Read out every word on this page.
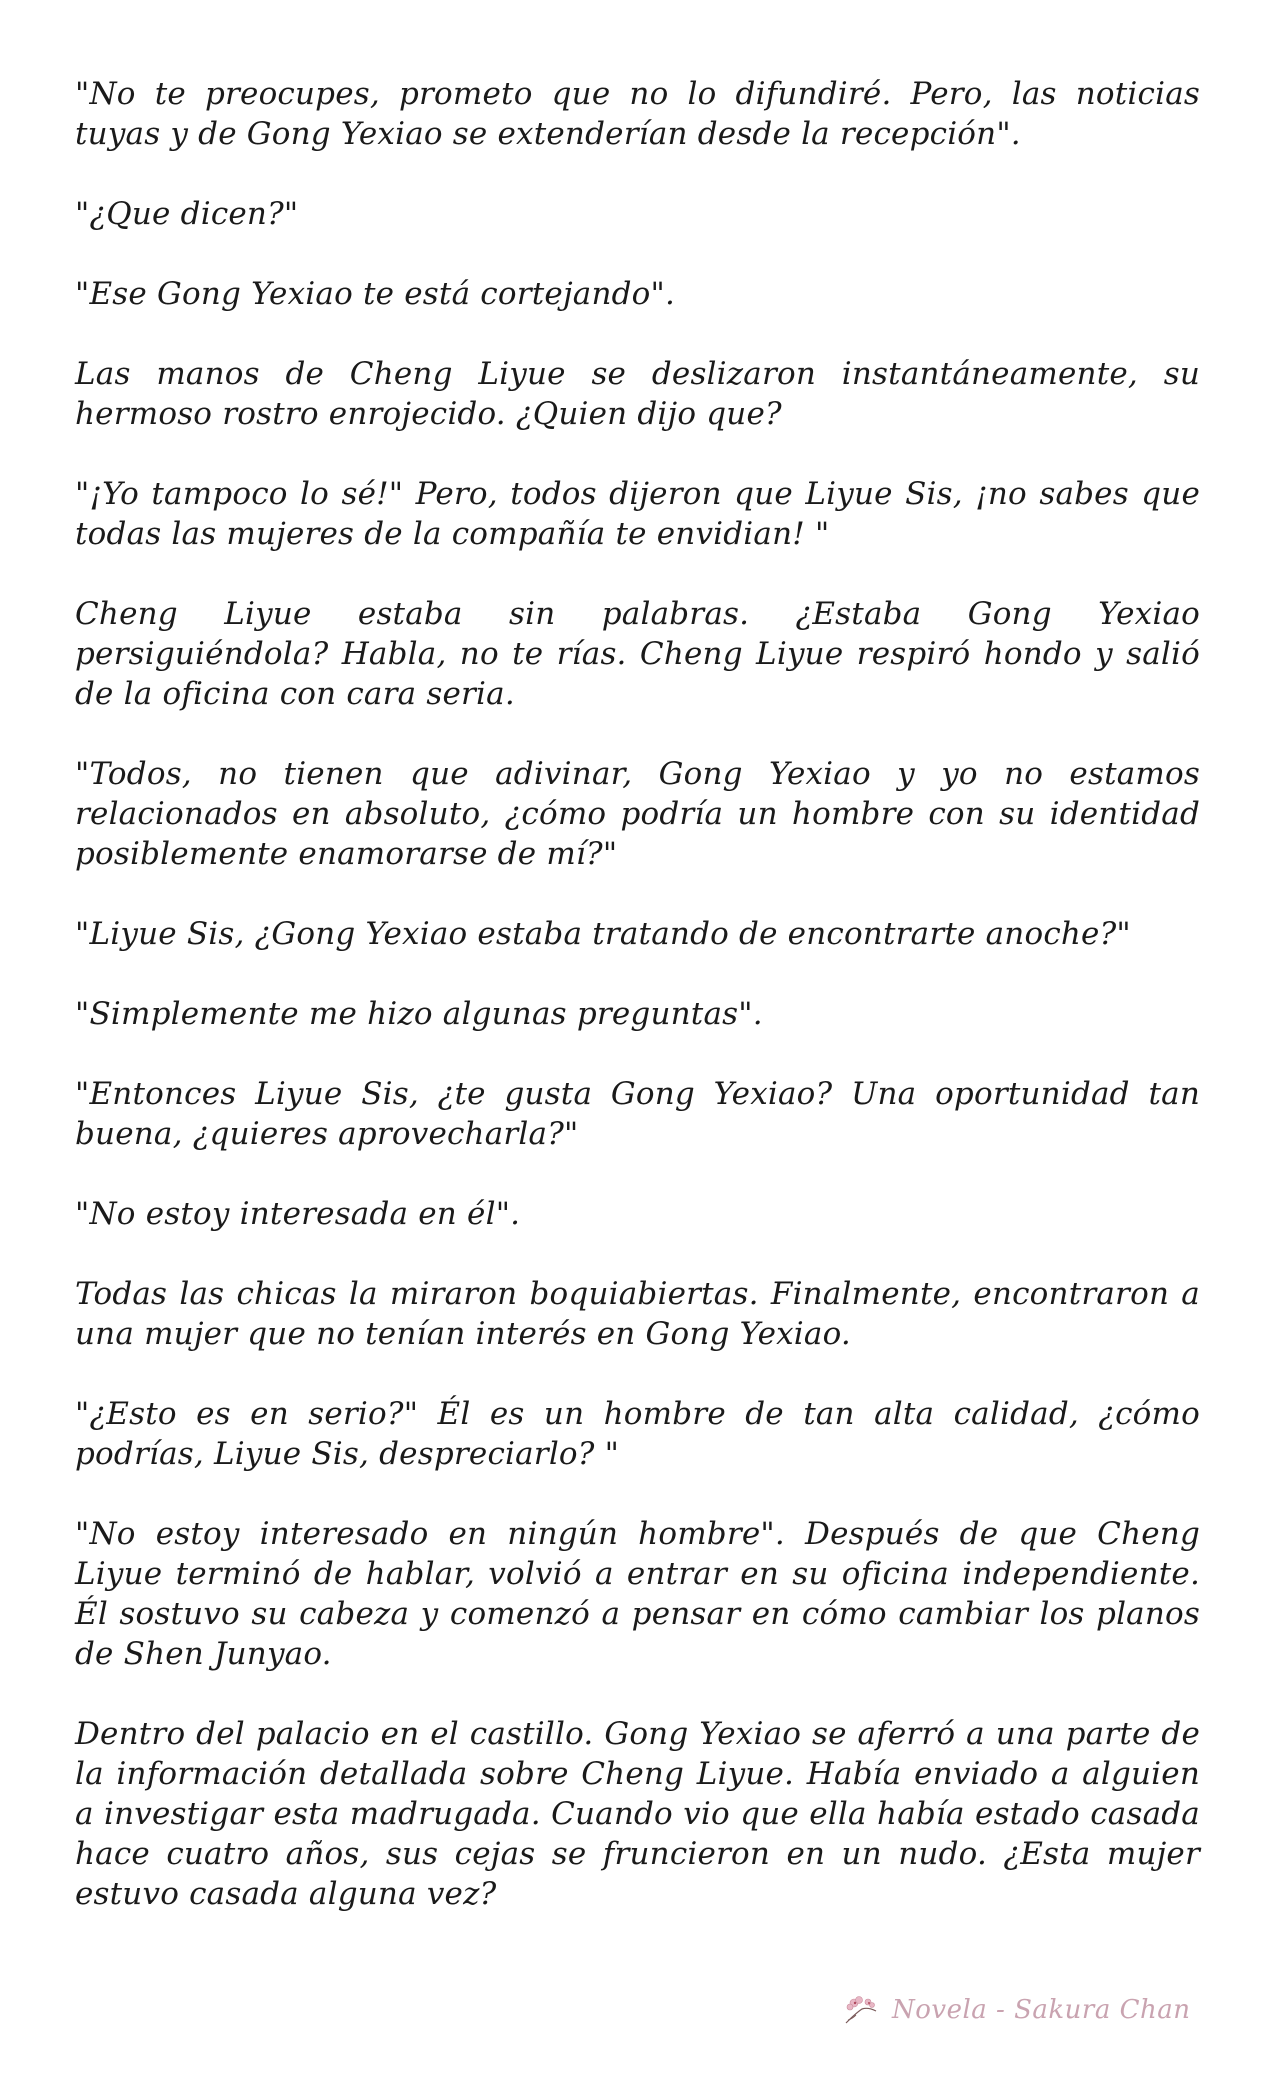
"No te preocupes, prometo que no lo difundiré. Pero, las noticias tuyas y de Gong Yexiao se extenderían desde la recepción".

"¿Que dicen?"

"Ese Gong Yexiao te está cortejando".

Las manos de Cheng Liyue se deslizaron instantáneamente, su hermoso rostro enrojecido. ¿Quien dijo que?

"¡Yo tampoco lo sé!" Pero, todos dijeron que Liyue Sis, ¡no sabes que todas las mujeres de la compañía te envidian! "

Cheng Liyue estaba sin palabras. ¿Estaba Gong Yexiao persiguiéndola? Habla, no te rías. Cheng Liyue respiró hondo y salió de la oficina con cara seria.

"Todos, no tienen que adivinar, Gong Yexiao y yo no estamos relacionados en absoluto, ¿cómo podría un hombre con su identidad posiblemente enamorarse de mí?"

"Liyue Sis, ¿Gong Yexiao estaba tratando de encontrarte anoche?"

"Simplemente me hizo algunas preguntas".

"Entonces Liyue Sis, ¿te gusta Gong Yexiao? Una oportunidad tan buena, ¿quieres aprovecharla?"

"No estoy interesada en él".

Todas las chicas la miraron boquiabiertas. Finalmente, encontraron a una mujer que no tenían interés en Gong Yexiao.

"¿Esto es en serio?" Él es un hombre de tan alta calidad, ¿cómo podrías, Liyue Sis, despreciarlo? "

"No estoy interesado en ningún hombre". Después de que Cheng Liyue terminó de hablar, volvió a entrar en su oficina independiente. Él sostuvo su cabeza y comenzó a pensar en cómo cambiar los planos de Shen Junyao.

Dentro del palacio en el castillo. Gong Yexiao se aferró a una parte de la información detallada sobre Cheng Liyue. Había enviado a alguien a investigar esta madrugada. Cuando vio que ella había estado casada hace cuatro años, sus cejas se fruncieron en un nudo. ¿Esta mujer estuvo casada alguna vez?

Novela - Sakura Chan
